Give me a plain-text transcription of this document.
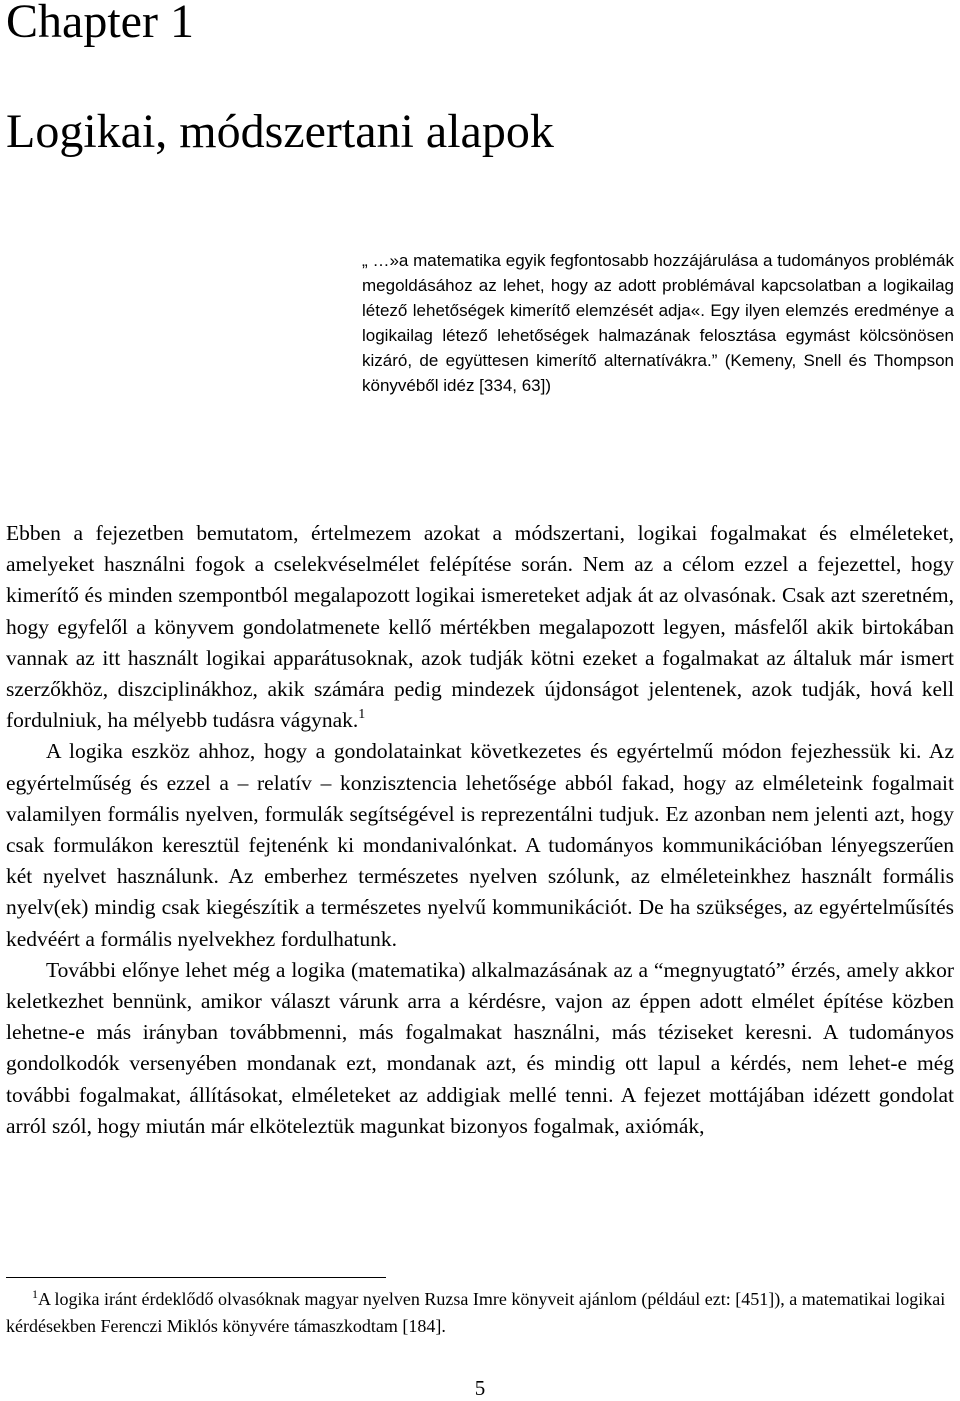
Chapter 1
Logikai, módszertani alapok

„ …»a matematika egyik fegfontosabb hozzájárulása a tudományos problémák megoldásához az lehet, hogy az adott problémával kapcsolatban a logikailag létező lehetőségek kimerítő elemzését adja«. Egy ilyen elemzés eredménye a logikailag létező lehetőségek halmazának felosztása egymást kölcsönösen kizáró, de együttesen kimerítő alternatívákra.” (Kemeny, Snell és Thompson könyvéből idéz [334, 63])

Ebben a fejezetben bemutatom, értelmezem azokat a módszertani, logikai fogalmakat és elméleteket, amelyeket használni fogok a cselekvéselmélet felépítése során. Nem az a célom ezzel a fejezettel, hogy kimerítő és minden szempontból megalapozott logikai ismereteket adjak át az olvasónak. Csak azt szeretném, hogy egyfelől a könyvem gondolatmenete kellő mértékben megalapozott legyen, másfelől akik birtokában vannak az itt használt logikai apparátusoknak, azok tudják kötni ezeket a fogalmakat az általuk már ismert szerzőkhöz, diszciplinákhoz, akik számára pedig mindezek újdonságot jelentenek, azok tudják, hová kell fordulniuk, ha mélyebb tudásra vágynak.$^1$

A logika eszköz ahhoz, hogy a gondolatainkat következetes és egyértelmű módon fejezhessük ki. Az egyértelműség és ezzel a – relatív – konzisztencia lehetősége abból fakad, hogy az elméleteink fogalmait valamilyen formális nyelven, formulák segítségével is reprezentálni tudjuk. Ez azonban nem jelenti azt, hogy csak formulákon keresztül fejtenénk ki mondanivalónkat. A tudományos kommunikációban lényegszerűen két nyelvet használunk. Az emberhez természetes nyelven szólunk, az elméleteinkhez használt formális nyelv(ek) mindig csak kiegészítik a természetes nyelvű kommunikációt. De ha szükséges, az egyértelműsítés kedvéért a formális nyelvekhez fordulhatunk.

További előnye lehet még a logika (matematika) alkalmazásának az a “megnyugtató” érzés, amely akkor keletkezhet bennünk, amikor választ várunk arra a kérdésre, vajon az éppen adott elmélet építése közben lehetne-e más irányban továbbmenni, más fogalmakat használni, más téziseket keresni. A tudományos gondolkodók versenyében mondanak ezt, mondanak azt, és mindig ott lapul a kérdés, nem lehet-e még további fogalmakat, állításokat, elméleteket az addigiak mellé tenni. A fejezet mottájában idézett gondolat arról szól, hogy miután már elköteleztük magunkat bizonyos fogalmak, axiómák,

$^1$A logika iránt érdeklődő olvasóknak magyar nyelven Ruzsa Imre könyveit ajánlom (például ezt: [451]), a matematikai logikai kérdésekben Ferenczi Miklós könyvére támaszkodtam [184].

5
